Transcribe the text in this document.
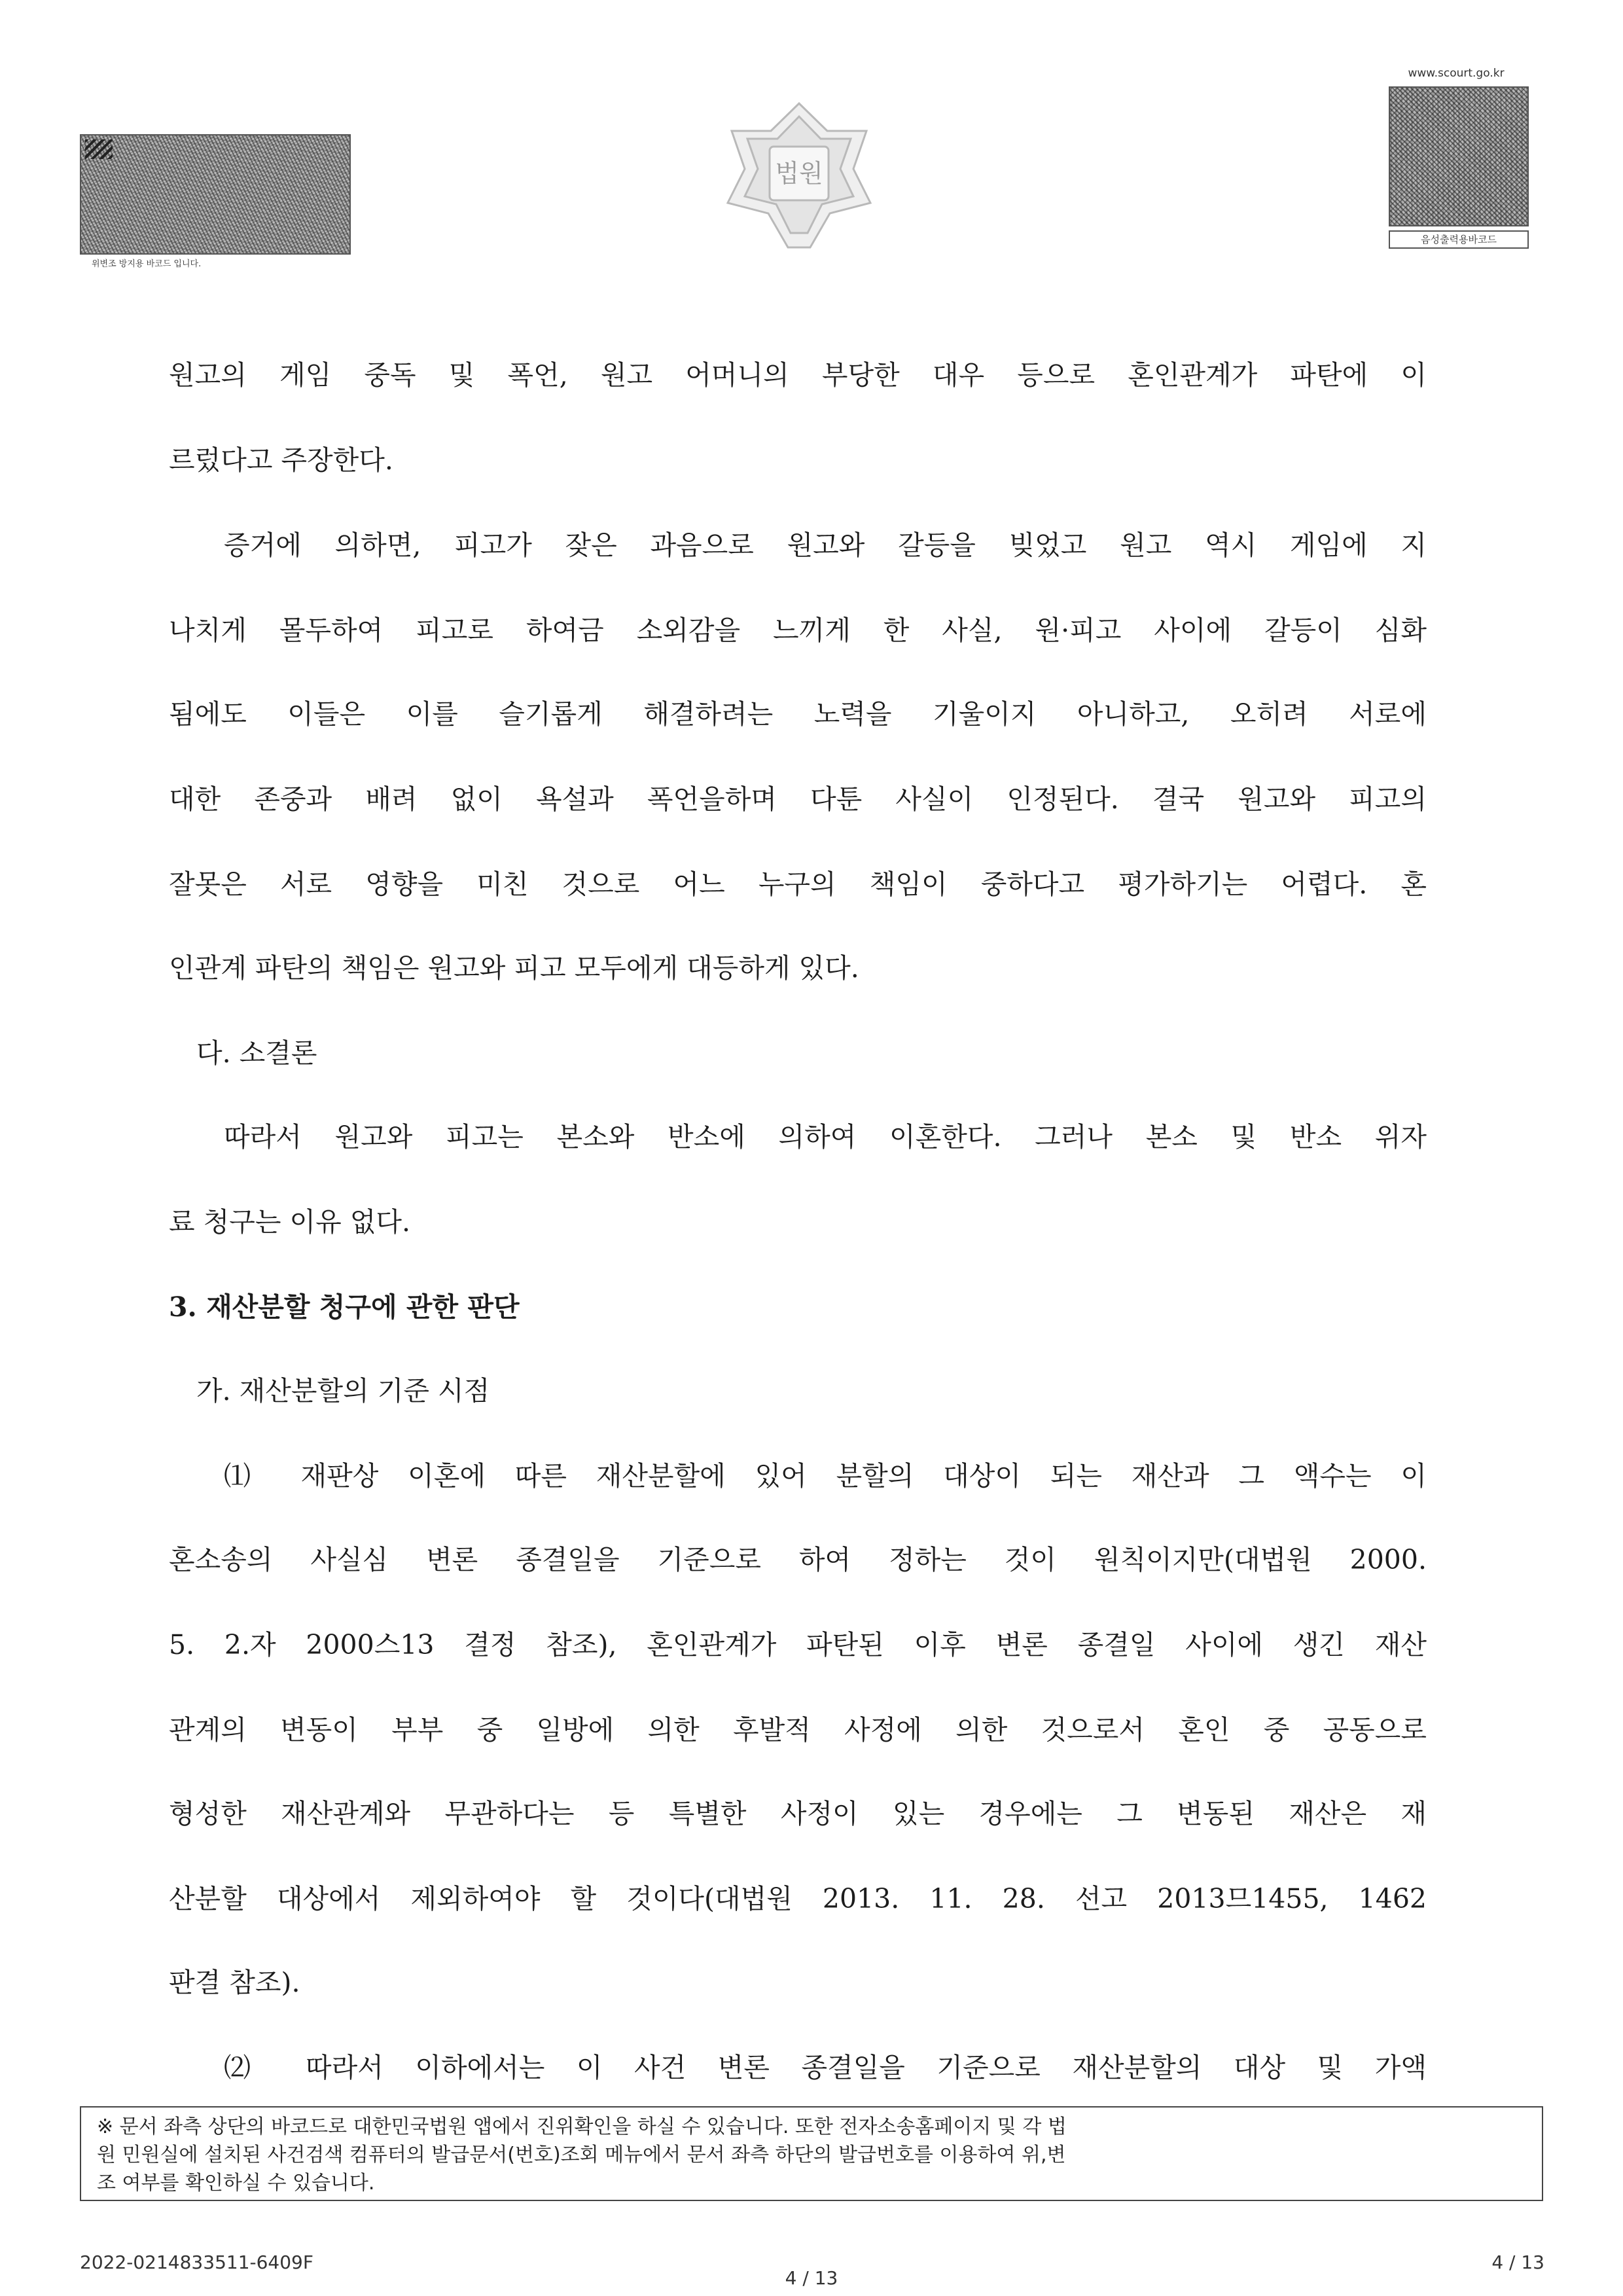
위변조 방지용 바코드 입니다.
법원
www.scourt.go.kr
음성출력용바코드
원고의 게임 중독 및 폭언, 원고 어머니의 부당한 대우 등으로 혼인관계가 파탄에 이
르렀다고 주장한다.
증거에 의하면, 피고가 잦은 과음으로 원고와 갈등을 빚었고 원고 역시 게임에 지
나치게 몰두하여 피고로 하여금 소외감을 느끼게 한 사실, 원·피고 사이에 갈등이 심화
됨에도 이들은 이를 슬기롭게 해결하려는 노력을 기울이지 아니하고, 오히려 서로에
대한 존중과 배려 없이 욕설과 폭언을하며 다툰 사실이 인정된다. 결국 원고와 피고의
잘못은 서로 영향을 미친 것으로 어느 누구의 책임이 중하다고 평가하기는 어렵다. 혼
인관계 파탄의 책임은 원고와 피고 모두에게 대등하게 있다.
다. 소결론
따라서 원고와 피고는 본소와 반소에 의하여 이혼한다. 그러나 본소 및 반소 위자
료 청구는 이유 없다.
3. 재산분할 청구에 관한 판단
가. 재산분할의 기준 시점
⑴ 재판상 이혼에 따른 재산분할에 있어 분할의 대상이 되는 재산과 그 액수는 이
혼소송의 사실심 변론 종결일을 기준으로 하여 정하는 것이 원칙이지만(대법원 2000.
5. 2.자 2000스13 결정 참조), 혼인관계가 파탄된 이후 변론 종결일 사이에 생긴 재산
관계의 변동이 부부 중 일방에 의한 후발적 사정에 의한 것으로서 혼인 중 공동으로
형성한 재산관계와 무관하다는 등 특별한 사정이 있는 경우에는 그 변동된 재산은 재
산분할 대상에서 제외하여야 할 것이다(대법원 2013. 11. 28. 선고 2013므1455, 1462
판결 참조).
⑵ 따라서 이하에서는 이 사건 변론 종결일을 기준으로 재산분할의 대상 및 가액
※ 문서 좌측 상단의 바코드로 대한민국법원 앱에서 진위확인을 하실 수 있습니다. 또한 전자소송홈페이지 및 각 법
원 민원실에 설치된 사건검색 컴퓨터의 발급문서(번호)조회 메뉴에서 문서 좌측 하단의 발급번호를 이용하여 위,변
조 여부를 확인하실 수 있습니다.
2022-0214833511-6409F
4 / 13
4 / 13
